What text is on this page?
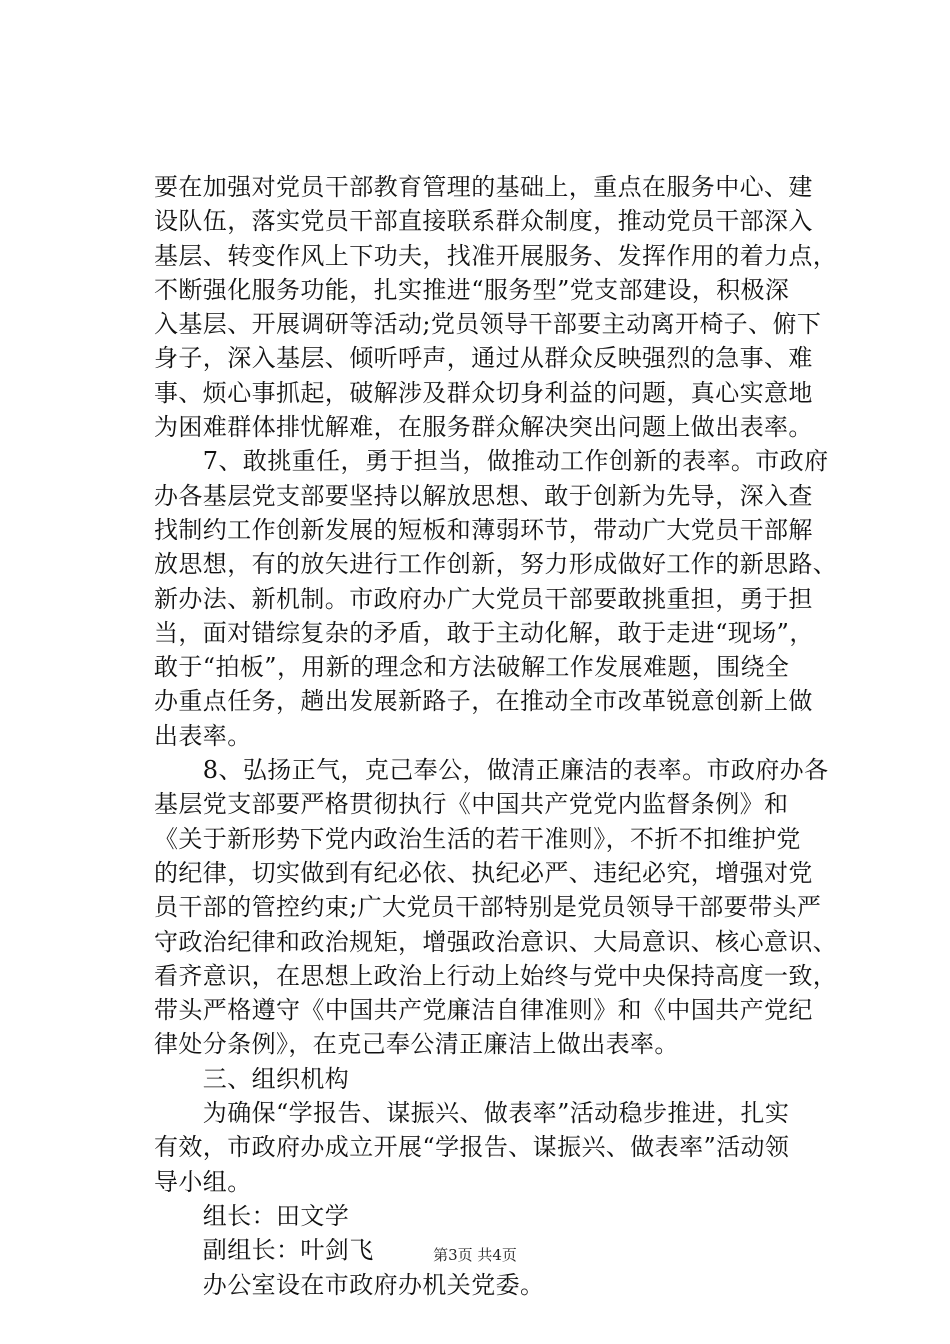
要在加强对党员干部教育管理的基础上，重点在服务中心、建
设队伍，落实党员干部直接联系群众制度，推动党员干部深入
基层、转变作风上下功夫，找准开展服务、发挥作用的着力点，
不断强化服务功能，扎实推进“服务型”党支部建设，积极深
入基层、开展调研等活动;党员领导干部要主动离开椅子、俯下
身子，深入基层、倾听呼声，通过从群众反映强烈的急事、难
事、烦心事抓起，破解涉及群众切身利益的问题，真心实意地
为困难群体排忧解难，在服务群众解决突出问题上做出表率。
　　7、敢挑重任，勇于担当，做推动工作创新的表率。市政府
办各基层党支部要坚持以解放思想、敢于创新为先导，深入查
找制约工作创新发展的短板和薄弱环节，带动广大党员干部解
放思想，有的放矢进行工作创新，努力形成做好工作的新思路、
新办法、新机制。市政府办广大党员干部要敢挑重担，勇于担
当，面对错综复杂的矛盾，敢于主动化解，敢于走进“现场”，
敢于“拍板”，用新的理念和方法破解工作发展难题，围绕全
办重点任务，趟出发展新路子，在推动全市改革锐意创新上做
出表率。
　　8、弘扬正气，克己奉公，做清正廉洁的表率。市政府办各
基层党支部要严格贯彻执行《中国共产党党内监督条例》和
《关于新形势下党内政治生活的若干准则》，不折不扣维护党
的纪律，切实做到有纪必依、执纪必严、违纪必究，增强对党
员干部的管控约束;广大党员干部特别是党员领导干部要带头严
守政治纪律和政治规矩，增强政治意识、大局意识、核心意识、
看齐意识，在思想上政治上行动上始终与党中央保持高度一致，
带头严格遵守《中国共产党廉洁自律准则》和《中国共产党纪
律处分条例》，在克己奉公清正廉洁上做出表率。
　　三、组织机构
　　为确保“学报告、谋振兴、做表率”活动稳步推进，扎实
有效，市政府办成立开展“学报告、谋振兴、做表率”活动领
导小组。
　　组长：田文学
　　副组长：叶剑飞
　　办公室设在市政府办机关党委。
第3页 共4页
